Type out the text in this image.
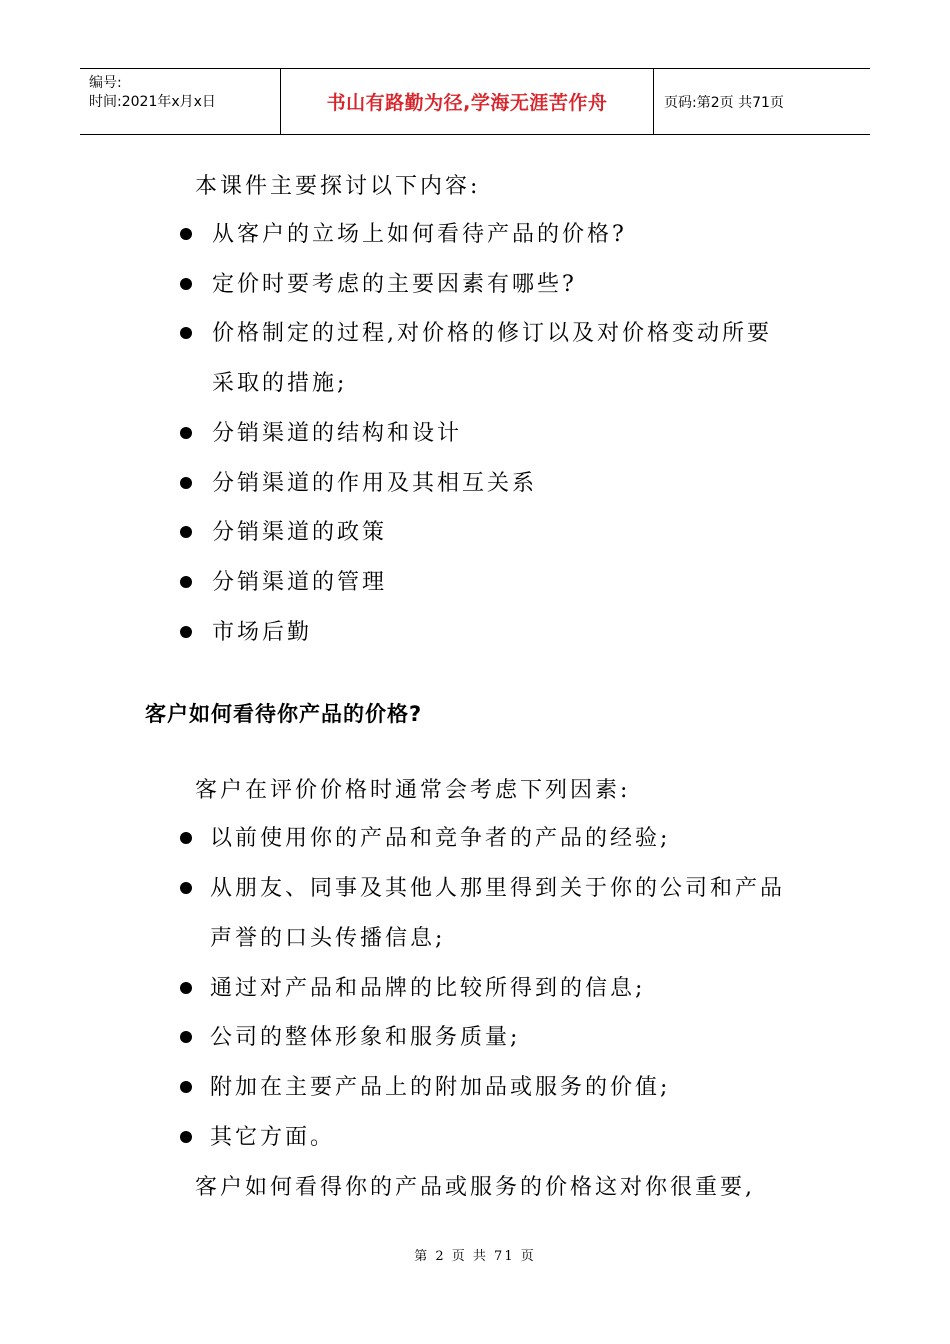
编号:
时间:2021年x月x日	书山有路勤为径,学海无涯苦作舟	页码:第2页 共71页
本课件主要探讨以下内容:
从客户的立场上如何看待产品的价格?
定价时要考虑的主要因素有哪些?
价格制定的过程,对价格的修订以及对价格变动所要
采取的措施;
分销渠道的结构和设计
分销渠道的作用及其相互关系
分销渠道的政策
分销渠道的管理
市场后勤
客户如何看待你产品的价格?
客户在评价价格时通常会考虑下列因素:
以前使用你的产品和竞争者的产品的经验;
从朋友、同事及其他人那里得到关于你的公司和产品
声誉的口头传播信息;
通过对产品和品牌的比较所得到的信息;
公司的整体形象和服务质量;
附加在主要产品上的附加品或服务的价值;
其它方面。
客户如何看得你的产品或服务的价格这对你很重要,
第 2 页 共 71 页
